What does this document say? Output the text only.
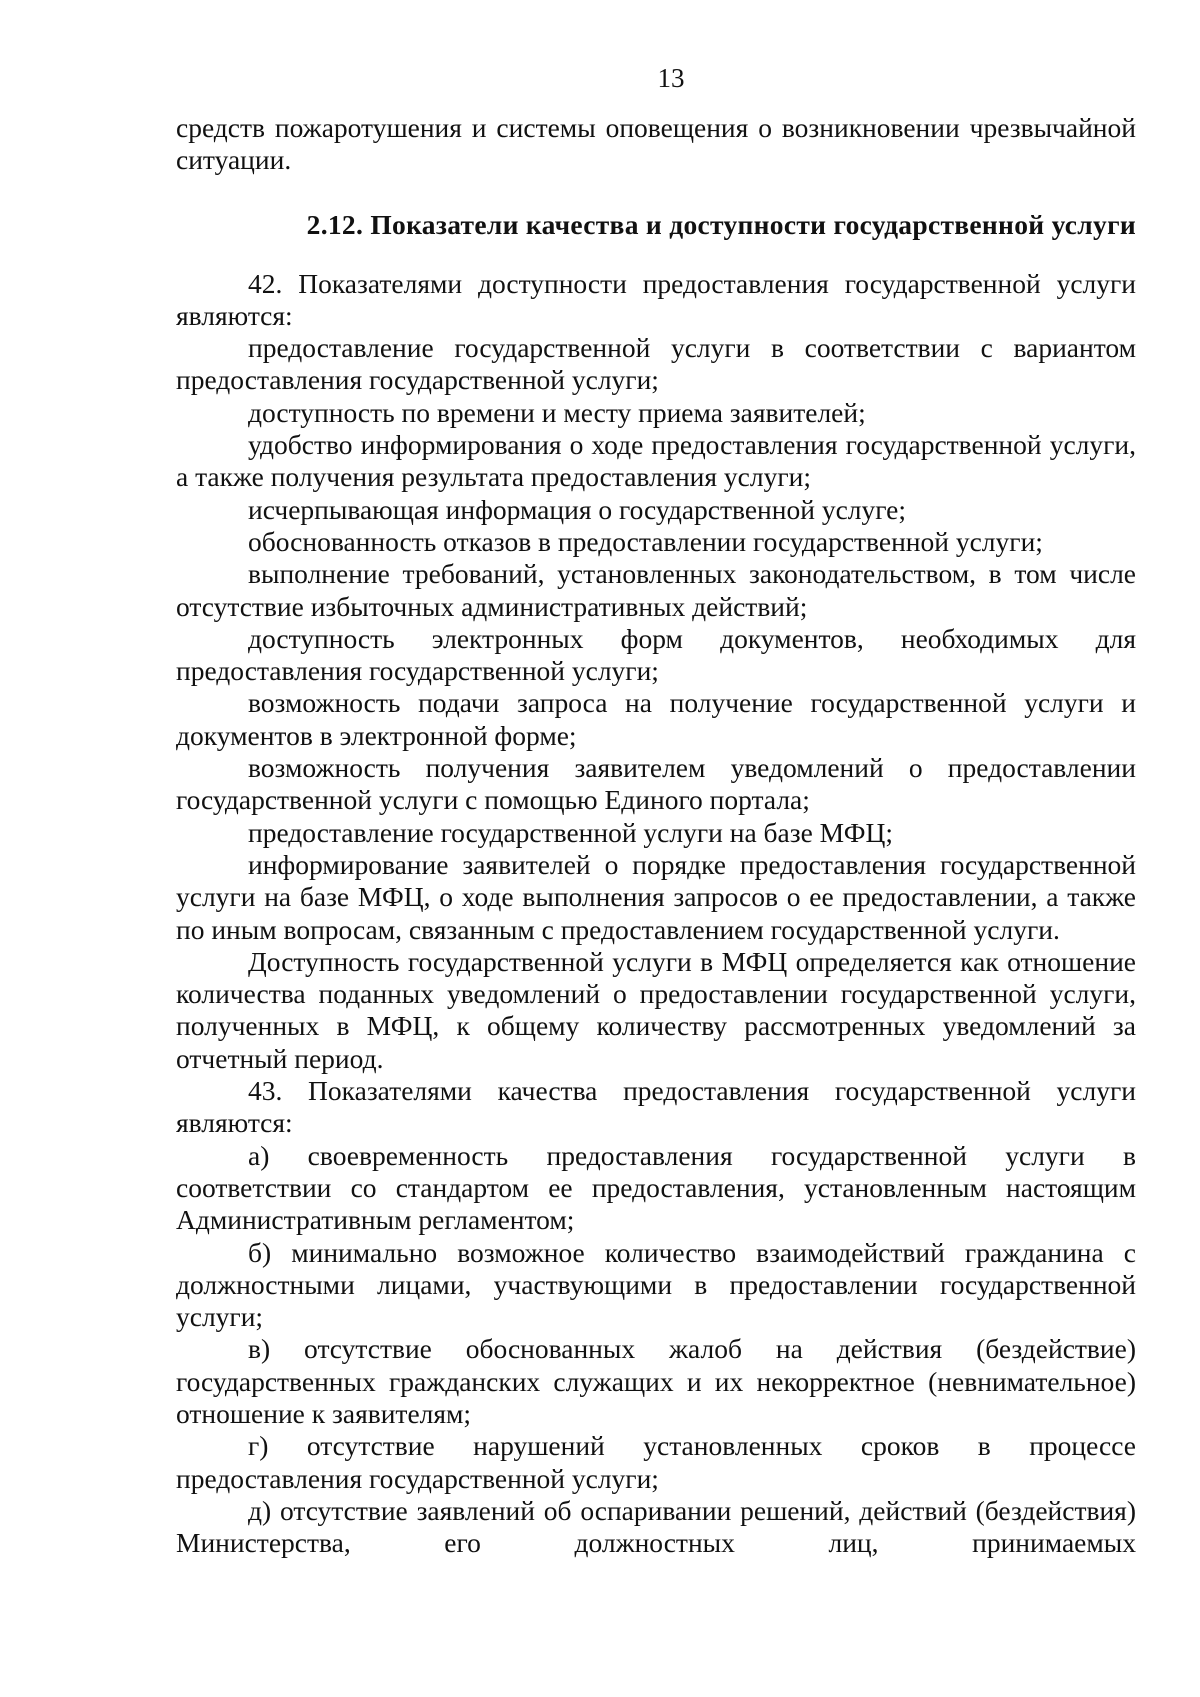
13

средств пожаротушения и системы оповещения о возникновении чрезвычайной ситуации.

2.12. Показатели качества и доступности государственной услуги

42. Показателями доступности предоставления государственной услуги являются:

предоставление государственной услуги в соответствии с вариантом предоставления государственной услуги;

доступность по времени и месту приема заявителей;

удобство информирования о ходе предоставления государственной услуги, а также получения результата предоставления услуги;

исчерпывающая информация о государственной услуге;

обоснованность отказов в предоставлении государственной услуги;

выполнение требований, установленных законодательством, в том числе отсутствие избыточных административных действий;

доступность электронных форм документов, необходимых для предоставления государственной услуги;

возможность подачи запроса на получение государственной услуги и документов в электронной форме;

возможность получения заявителем уведомлений о предоставлении государственной услуги с помощью Единого портала;

предоставление государственной услуги на базе МФЦ;

информирование заявителей о порядке предоставления государственной услуги на базе МФЦ, о ходе выполнения запросов о ее предоставлении, а также по иным вопросам, связанным с предоставлением государственной услуги.

Доступность государственной услуги в МФЦ определяется как отношение количества поданных уведомлений о предоставлении государственной услуги, полученных в МФЦ, к общему количеству рассмотренных уведомлений за отчетный период.

43. Показателями качества предоставления государственной услуги являются:

а) своевременность предоставления государственной услуги в соответствии со стандартом ее предоставления, установленным настоящим Административным регламентом;

б) минимально возможное количество взаимодействий гражданина с должностными лицами, участвующими в предоставлении государственной услуги;

в) отсутствие обоснованных жалоб на действия (бездействие) государственных гражданских служащих и их некорректное (невнимательное) отношение к заявителям;

г) отсутствие нарушений установленных сроков в процессе предоставления государственной услуги;

д) отсутствие заявлений об оспаривании решений, действий (бездействия) Министерства, его должностных лиц, принимаемых
